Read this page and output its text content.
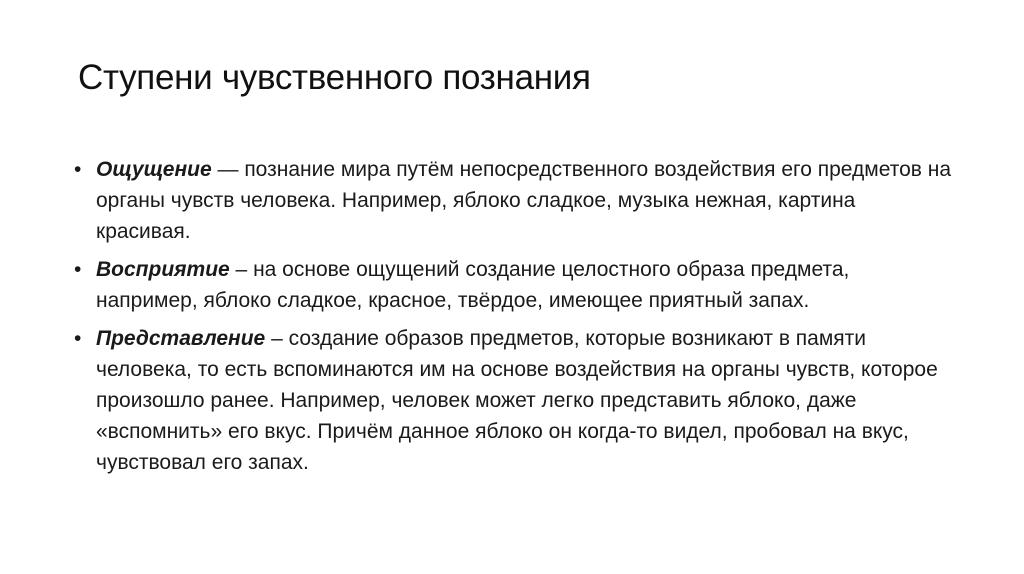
Ступени чувственного познания
• Ощущение — познание мира путём непосредственного воздействия его предметов на органы чувств человека. Например, яблоко сладкое, музыка нежная, картина красивая.
• Восприятие – на основе ощущений создание целостного образа предмета, например, яблоко сладкое, красное, твёрдое, имеющее приятный запах.
• Представление – создание образов предметов, которые возникают в памяти человека, то есть вспоминаются им на основе воздействия на органы чувств, которое произошло ранее. Например, человек может легко представить яблоко, даже «вспомнить» его вкус. Причём данное яблоко он когда-то видел, пробовал на вкус, чувствовал его запах.
